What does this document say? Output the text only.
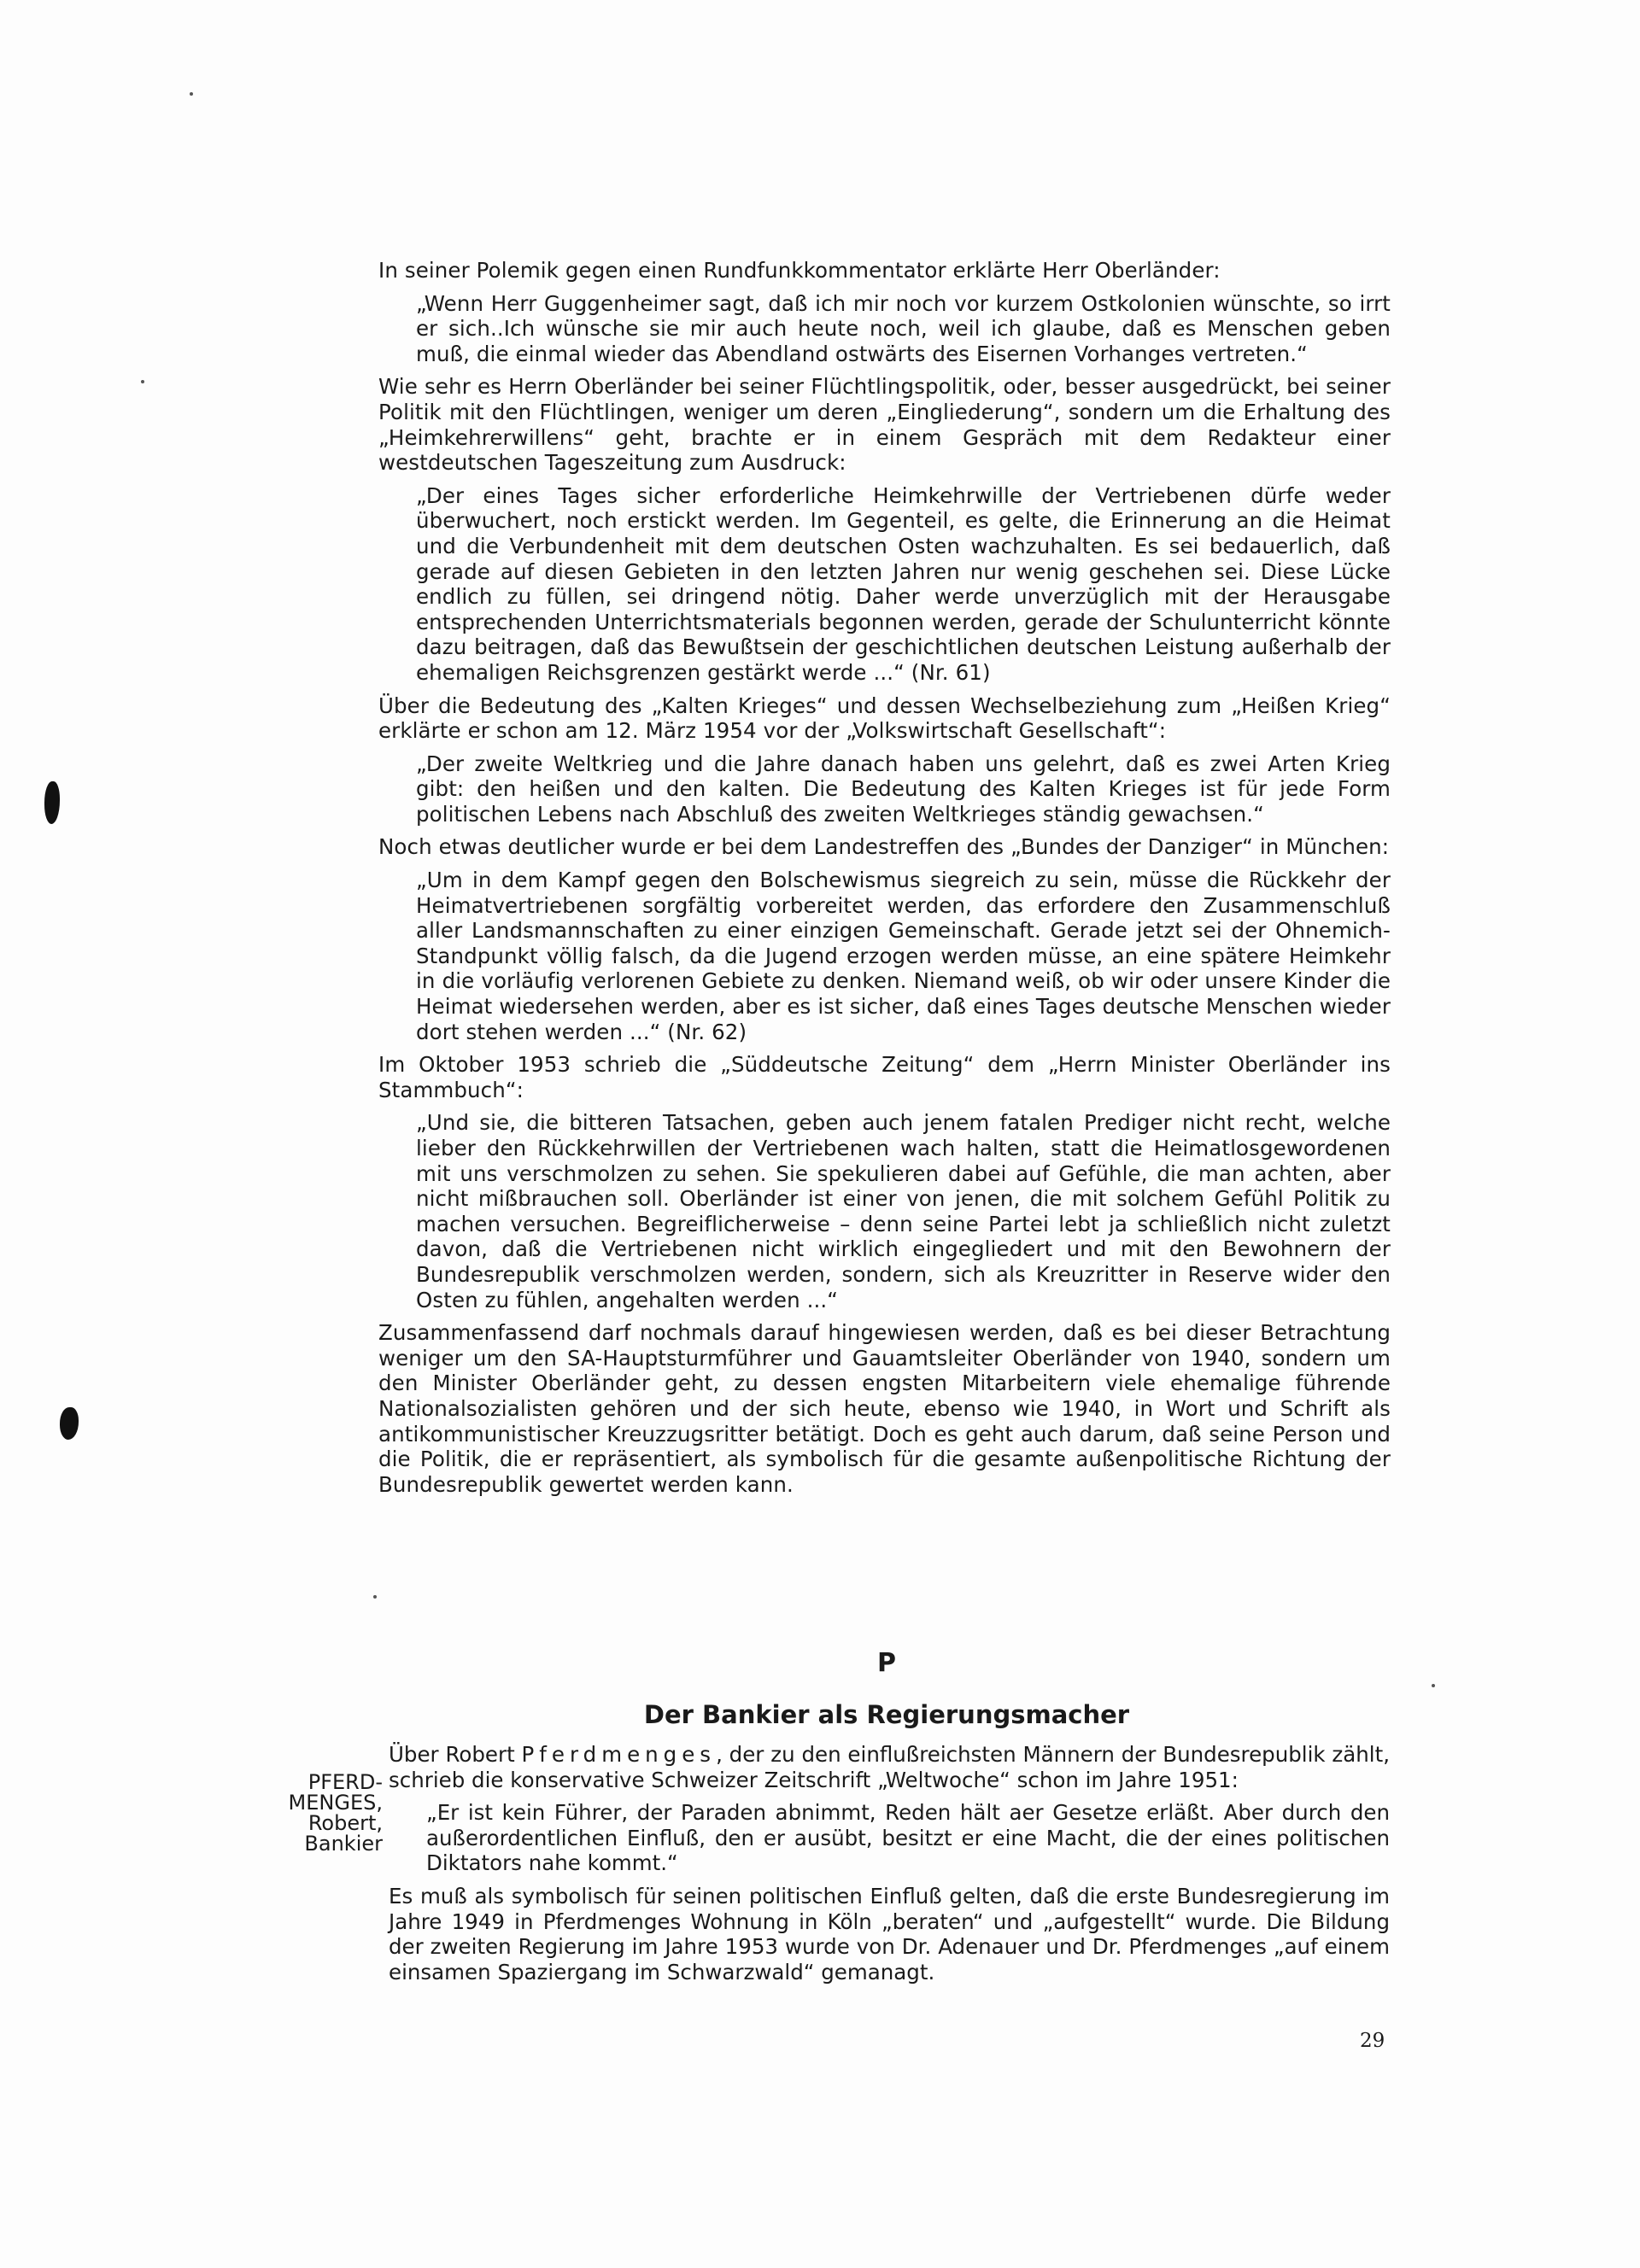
In seiner Polemik gegen einen Rundfunkkommentator erklärte Herr Oberländer:

„Wenn Herr Guggenheimer sagt, daß ich mir noch vor kurzem Ostkolonien wünschte, so irrt er sich..Ich wünsche sie mir auch heute noch, weil ich glaube, daß es Menschen geben muß, die einmal wieder das Abendland ostwärts des Eisernen Vorhanges vertreten.“

Wie sehr es Herrn Oberländer bei seiner Flüchtlingspolitik, oder, besser ausgedrückt, bei seiner Politik mit den Flüchtlingen, weniger um deren „Eingliederung“, sondern um die Erhaltung des „Heimkehrerwillens“ geht, brachte er in einem Gespräch mit dem Redakteur einer westdeutschen Tageszeitung zum Ausdruck:

„Der eines Tages sicher erforderliche Heimkehrwille der Vertriebenen dürfe weder überwuchert, noch erstickt werden. Im Gegenteil, es gelte, die Erinnerung an die Heimat und die Verbundenheit mit dem deutschen Osten wachzuhalten. Es sei bedauerlich, daß gerade auf diesen Gebieten in den letzten Jahren nur wenig geschehen sei. Diese Lücke endlich zu füllen, sei dringend nötig. Daher werde unverzüglich mit der Herausgabe entsprechenden Unterrichtsmaterials begonnen werden, gerade der Schulunterricht könnte dazu beitragen, daß das Bewußtsein der geschichtlichen deutschen Leistung außerhalb der ehemaligen Reichsgrenzen gestärkt werde ...“ (Nr. 61)

Über die Bedeutung des „Kalten Krieges“ und dessen Wechselbeziehung zum „Heißen Krieg“ erklärte er schon am 12. März 1954 vor der „Volkswirtschaft Gesellschaft“:

„Der zweite Weltkrieg und die Jahre danach haben uns gelehrt, daß es zwei Arten Krieg gibt: den heißen und den kalten. Die Bedeutung des Kalten Krieges ist für jede Form politischen Lebens nach Abschluß des zweiten Weltkrieges ständig gewachsen.“

Noch etwas deutlicher wurde er bei dem Landestreffen des „Bundes der Danziger“ in München:

„Um in dem Kampf gegen den Bolschewismus siegreich zu sein, müsse die Rückkehr der Heimatvertriebenen sorgfältig vorbereitet werden, das erfordere den Zusammenschluß aller Landsmannschaften zu einer einzigen Gemeinschaft. Gerade jetzt sei der Ohnemich-Standpunkt völlig falsch, da die Jugend erzogen werden müsse, an eine spätere Heimkehr in die vorläufig verlorenen Gebiete zu denken. Niemand weiß, ob wir oder unsere Kinder die Heimat wiedersehen werden, aber es ist sicher, daß eines Tages deutsche Menschen wieder dort stehen werden ...“ (Nr. 62)

Im Oktober 1953 schrieb die „Süddeutsche Zeitung“ dem „Herrn Minister Oberländer ins Stammbuch“:

„Und sie, die bitteren Tatsachen, geben auch jenem fatalen Prediger nicht recht, welche lieber den Rückkehrwillen der Vertriebenen wach halten, statt die Heimatlosgewordenen mit uns verschmolzen zu sehen. Sie spekulieren dabei auf Gefühle, die man achten, aber nicht mißbrauchen soll. Oberländer ist einer von jenen, die mit solchem Gefühl Politik zu machen versuchen. Begreiflicherweise – denn seine Partei lebt ja schließlich nicht zuletzt davon, daß die Vertriebenen nicht wirklich eingegliedert und mit den Bewohnern der Bundesrepublik verschmolzen werden, sondern, sich als Kreuzritter in Reserve wider den Osten zu fühlen, angehalten werden ...“

Zusammenfassend darf nochmals darauf hingewiesen werden, daß es bei dieser Betrachtung weniger um den SA-Hauptsturmführer und Gauamtsleiter Oberländer von 1940, sondern um den Minister Oberländer geht, zu dessen engsten Mitarbeitern viele ehemalige führende Nationalsozialisten gehören und der sich heute, ebenso wie 1940, in Wort und Schrift als antikommunistischer Kreuzzugsritter betätigt. Doch es geht auch darum, daß seine Person und die Politik, die er repräsentiert, als symbolisch für die gesamte außenpolitische Richtung der Bundesrepublik gewertet werden kann.

P
Der Bankier als Regierungsmacher
PFERD-
MENGES,
Robert,
Bankier

Über Robert Pferdmenges, der zu den einflußreichsten Männern der Bundesrepublik zählt, schrieb die konservative Schweizer Zeitschrift „Weltwoche“ schon im Jahre 1951:

„Er ist kein Führer, der Paraden abnimmt, Reden hält aer Gesetze erläßt. Aber durch den außerordentlichen Einfluß, den er ausübt, besitzt er eine Macht, die der eines politischen Diktators nahe kommt.“

Es muß als symbolisch für seinen politischen Einfluß gelten, daß die erste Bundesregierung im Jahre 1949 in Pferdmenges Wohnung in Köln „beraten“ und „aufgestellt“ wurde. Die Bildung der zweiten Regierung im Jahre 1953 wurde von Dr. Adenauer und Dr. Pferdmenges „auf einem einsamen Spaziergang im Schwarzwald“ gemanagt.

29
